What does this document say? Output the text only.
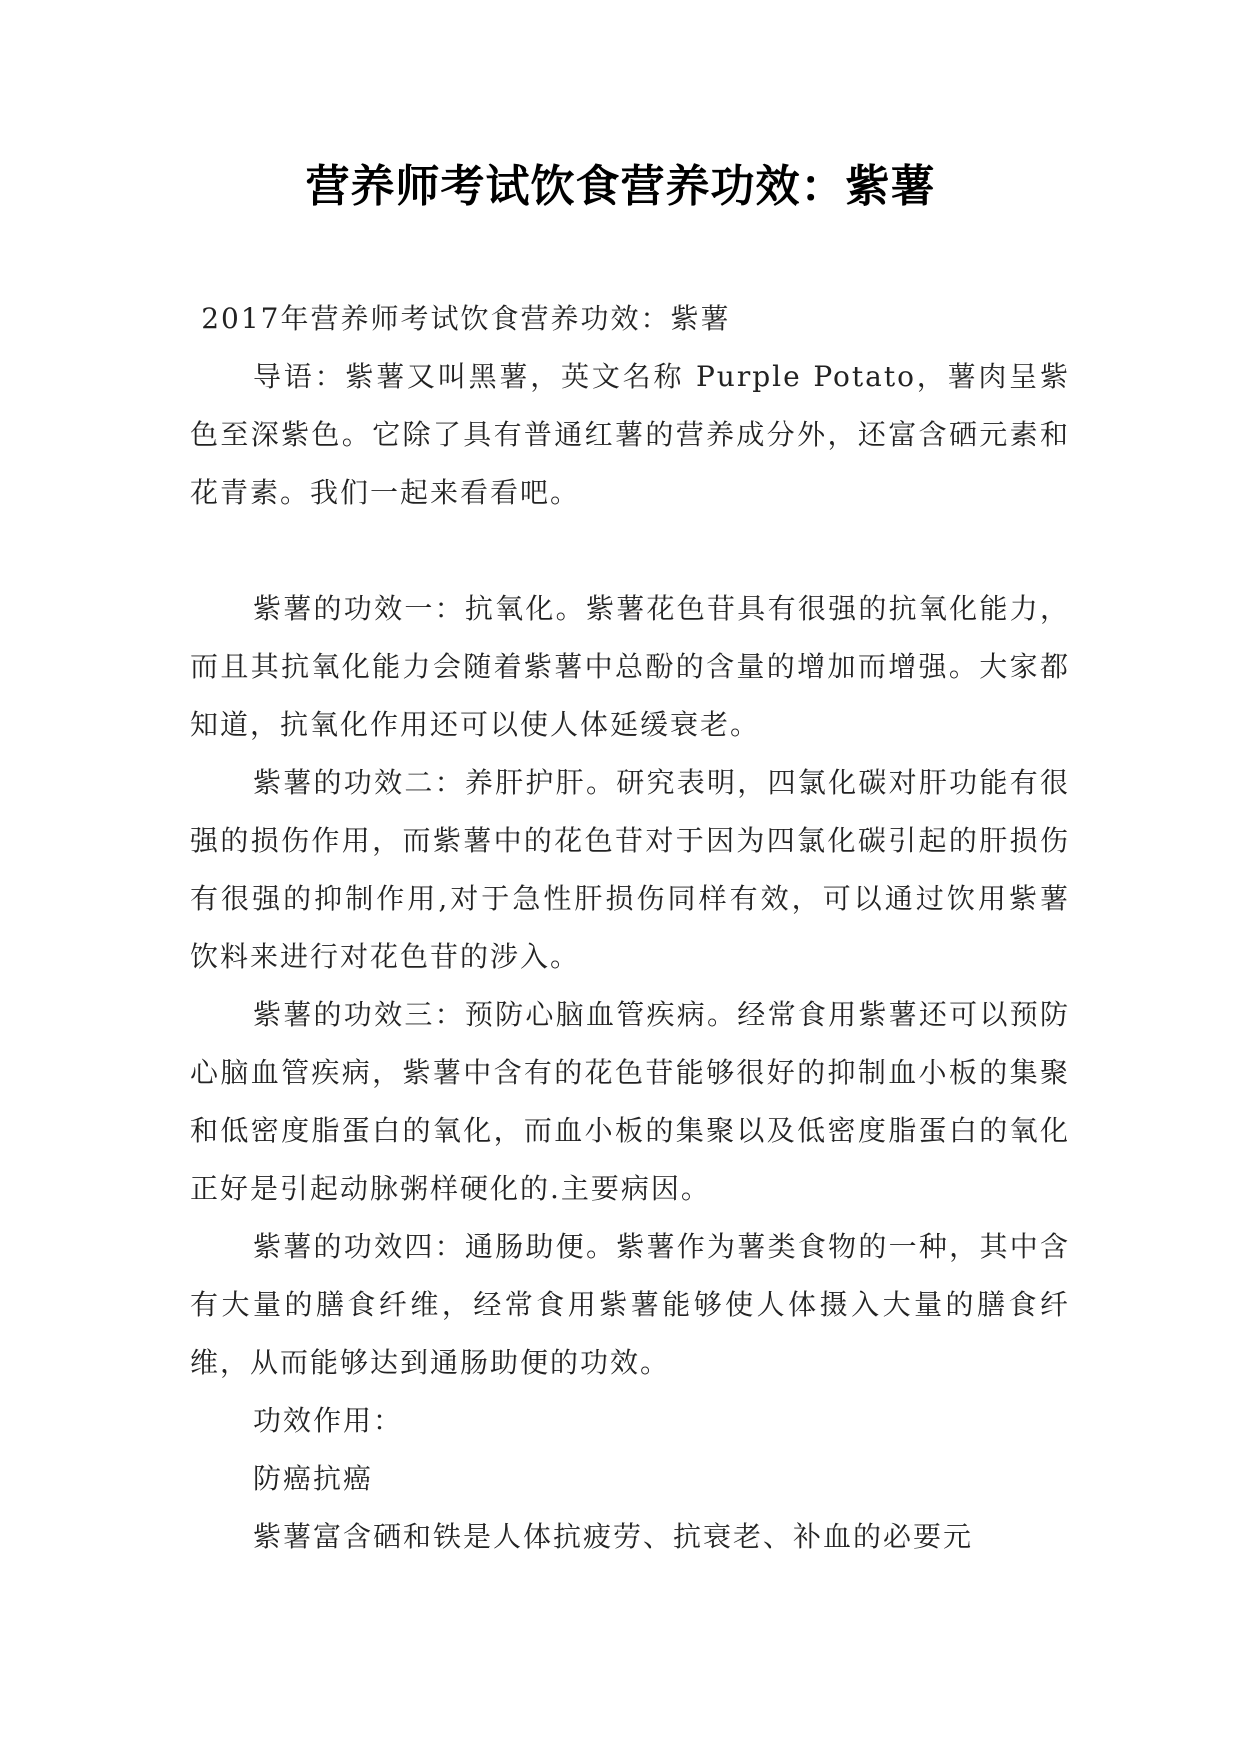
营养师考试饮食营养功效：紫薯

2017年营养师考试饮食营养功效：紫薯

导语：紫薯又叫黑薯，英文名称 Purple Potato，薯肉呈紫色至深紫色。它除了具有普通红薯的营养成分外，还富含硒元素和花青素。我们一起来看看吧。

紫薯的功效一：抗氧化。紫薯花色苷具有很强的抗氧化能力，而且其抗氧化能力会随着紫薯中总酚的含量的增加而增强。大家都知道，抗氧化作用还可以使人体延缓衰老。

紫薯的功效二：养肝护肝。研究表明，四氯化碳对肝功能有很强的损伤作用，而紫薯中的花色苷对于因为四氯化碳引起的肝损伤有很强的抑制作用,对于急性肝损伤同样有效，可以通过饮用紫薯饮料来进行对花色苷的涉入。

紫薯的功效三：预防心脑血管疾病。经常食用紫薯还可以预防心脑血管疾病，紫薯中含有的花色苷能够很好的抑制血小板的集聚和低密度脂蛋白的氧化，而血小板的集聚以及低密度脂蛋白的氧化正好是引起动脉粥样硬化的.主要病因。

紫薯的功效四：通肠助便。紫薯作为薯类食物的一种，其中含有大量的膳食纤维，经常食用紫薯能够使人体摄入大量的膳食纤维，从而能够达到通肠助便的功效。

功效作用：

防癌抗癌

紫薯富含硒和铁是人体抗疲劳、抗衰老、补血的必要元
